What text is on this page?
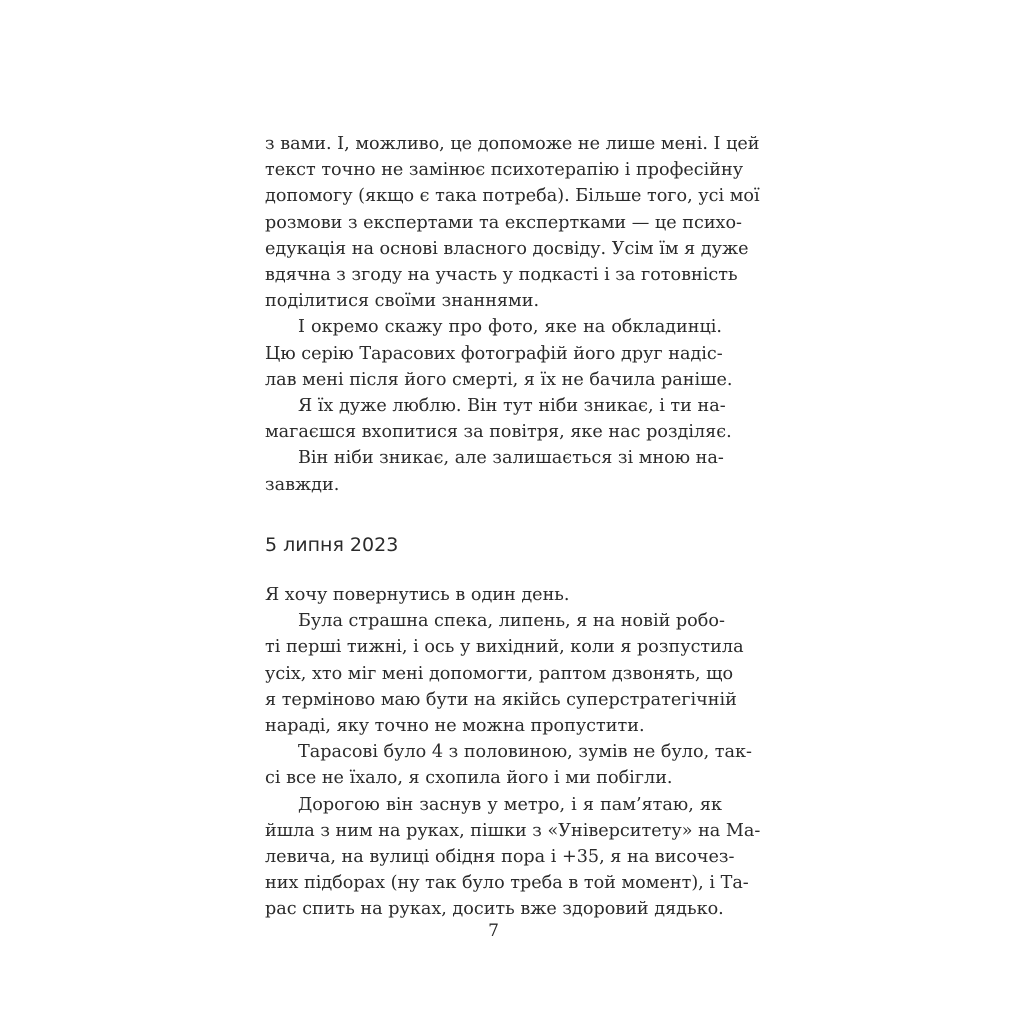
з вами. І, можливо, це допоможе не лише мені. І цей
текст точно не замінює психотерапію і професійну
допомогу (якщо є така потреба). Більше того, усі мої
розмови з експертами та експертками — це психо-
едукація на основі власного досвіду. Усім їм я дуже
вдячна з згоду на участь у подкасті і за готовність
поділитися своїми знаннями.
І окремо скажу про фото, яке на обкладинці.
Цю серію Тарасових фотографій його друг надіс-
лав мені після його смерті, я їх не бачила раніше.
Я їх дуже люблю. Він тут ніби зникає, і ти на-
магаєшся вхопитися за повітря, яке нас розділяє.
Він ніби зникає, але залишається зі мною на-
завжди.
5 липня 2023
Я хочу повернутись в один день.
Була страшна спека, липень, я на новій робо-
ті перші тижні, і ось у вихідний, коли я розпустила
усіх, хто міг мені допомогти, раптом дзвонять, що
я терміново маю бути на якійсь суперстратегічній
нараді, яку точно не можна пропустити.
Тарасові було 4 з половиною, зумів не було, так-
сі все не їхало, я схопила його і ми побігли.
Дорогою він заснув у метро, і я пам’ятаю, як
йшла з ним на руках, пішки з «Університету» на Ма-
левича, на вулиці обідня пора і +35, я на височез-
них підборах (ну так було треба в той момент), і Та-
рас спить на руках, досить вже здоровий дядько.
7
